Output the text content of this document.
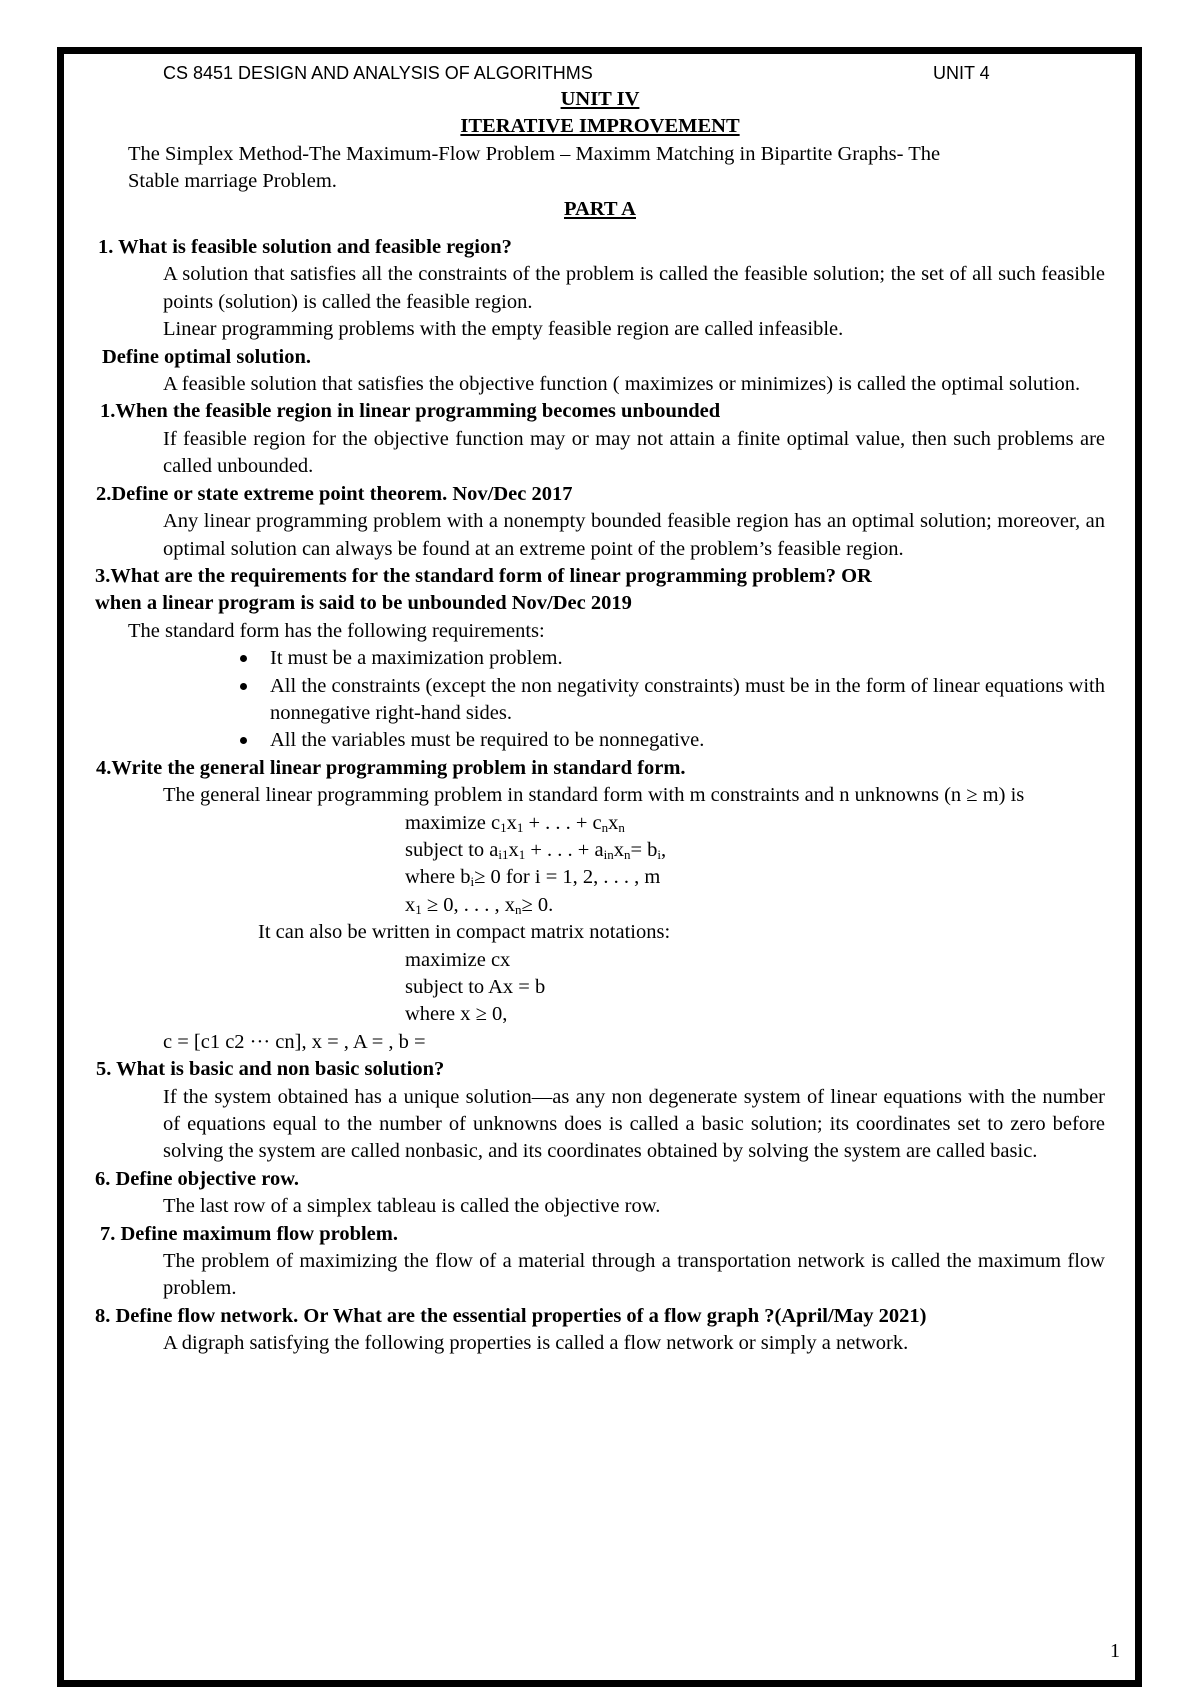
CS 8451 DESIGN AND ANALYSIS OF ALGORITHMS	UNIT 4

UNIT IV

ITERATIVE IMPROVEMENT

The Simplex Method-The Maximum-Flow Problem – Maximm Matching in Bipartite Graphs- The

Stable marriage Problem.

PART A

1. What is feasible solution and feasible region?

A solution that satisfies all the constraints of the problem is called the feasible solution; the set of all such feasible points (solution) is called the feasible region.

Linear programming problems with the empty feasible region are called infeasible.

Define optimal solution.

A feasible solution that satisfies the objective function ( maximizes or minimizes) is called the optimal solution.

1.When the feasible region in linear programming becomes unbounded

If feasible region for the objective function may or may not attain a finite optimal value, then such problems are called unbounded.

2.Define or state extreme point theorem. Nov/Dec 2017

Any linear programming problem with a nonempty bounded feasible region has an optimal solution; moreover, an optimal solution can always be found at an extreme point of the problem’s feasible region.

3.What are the requirements for the standard form of linear programming problem? OR

when a linear program is said to be unbounded Nov/Dec 2019

The standard form has the following requirements:

It must be a maximization problem.
All the constraints (except the non negativity constraints) must be in the form of linear equations with nonnegative right-hand sides.
All the variables must be required to be nonnegative.

4.Write the general linear programming problem in standard form.

The general linear programming problem in standard form with m constraints and n unknowns (n ≥ m) is

maximize $c_1x_1$ + . . . + $c_nx_n$

subject to $a_{i1}x_1$ + . . . + $a_{in}x_n= b_i$,

where $b_i\ge 0$ for i = 1, 2, . . . , m

$x_1 \ge 0$, . . . , $x_n\ge 0$.

It can also be written in compact matrix notations:

maximize cx

subject to Ax = b

where x ≥ 0,

c = [c1 c2 ··· cn], x = , A = , b =

5. What is basic and non basic solution?

If the system obtained has a unique solution—as any non degenerate system of linear equations with the number of equations equal to the number of unknowns does is called a basic solution; its coordinates set to zero before solving the system are called nonbasic, and its coordinates obtained by solving the system are called basic.

6. Define objective row.

The last row of a simplex tableau is called the objective row.

7. Define maximum flow problem.

The problem of maximizing the flow of a material through a transportation network is called the maximum flow problem.

8. Define flow network. Or What are the essential properties of a flow graph ?(April/May 2021)

A digraph satisfying the following properties is called a flow network or simply a network.

1
